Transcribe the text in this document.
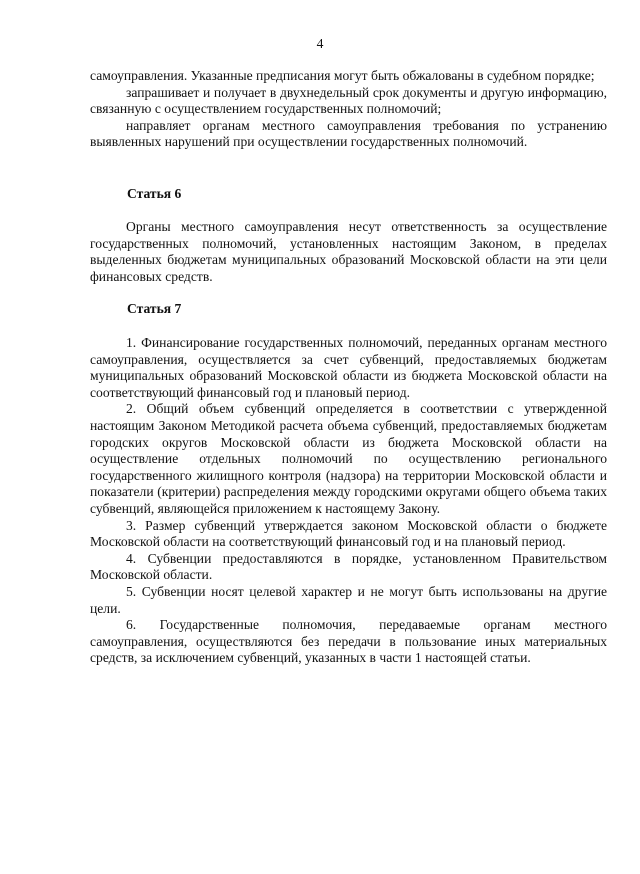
4

самоуправления. Указанные предписания могут быть обжалованы в судебном порядке;

запрашивает и получает в двухнедельный срок документы и другую информацию, связанную с осуществлением государственных полномочий;

направляет органам местного самоуправления требования по устранению выявленных нарушений при осуществлении государственных полномочий.

Статья 6

Органы местного самоуправления несут ответственность за осуществление государственных полномочий, установленных настоящим Законом, в пределах выделенных бюджетам муниципальных образований Московской области на эти цели финансовых средств.

Статья 7

1. Финансирование государственных полномочий, переданных органам местного самоуправления, осуществляется за счет субвенций, предоставляемых бюджетам муниципальных образований Московской области из бюджета Московской области на соответствующий финансовый год и плановый период.

2. Общий объем субвенций определяется в соответствии с утвержденной настоящим Законом Методикой расчета объема субвенций, предоставляемых бюджетам городских округов Московской области из бюджета Московской области на осуществление отдельных полномочий по осуществлению регионального государственного жилищного контроля (надзора) на территории Московской области и показатели (критерии) распределения между городскими округами общего объема таких субвенций, являющейся приложением к настоящему Закону.

3. Размер субвенций утверждается законом Московской области о бюджете Московской области на соответствующий финансовый год и на плановый период.

4. Субвенции предоставляются в порядке, установленном Правительством Московской области.

5. Субвенции носят целевой характер и не могут быть использованы на другие цели.

6. Государственные полномочия, передаваемые органам местного самоуправления, осуществляются без передачи в пользование иных материальных средств, за исключением субвенций, указанных в части 1 настоящей статьи.
